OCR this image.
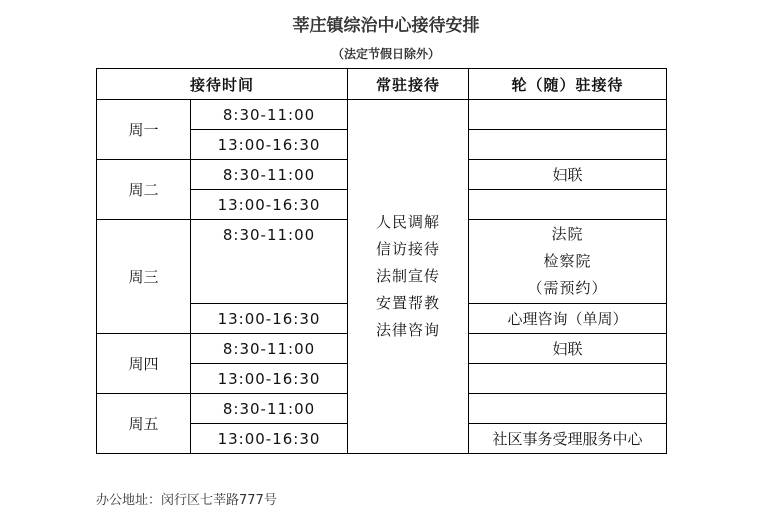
莘庄镇综治中心接待安排
（法定节假日除外）
接待时间		常驻接待	轮（随）驻接待
周一	8:30-11:00	人民调解
信访接待
法制宣传
安置帮教
法律咨询	

	13:00-16:30		
周二	8:30-11:00		妇联
	13:00-16:30		
周三	8:30-11:00		法院
检察院
（需预约）

	13:00-16:30		心理咨询（单周）
周四	8:30-11:00		妇联
	13:00-16:30		
周五	8:30-11:00		
	13:00-16:30		社区事务受理服务中心
办公地址：闵行区七莘路777号
